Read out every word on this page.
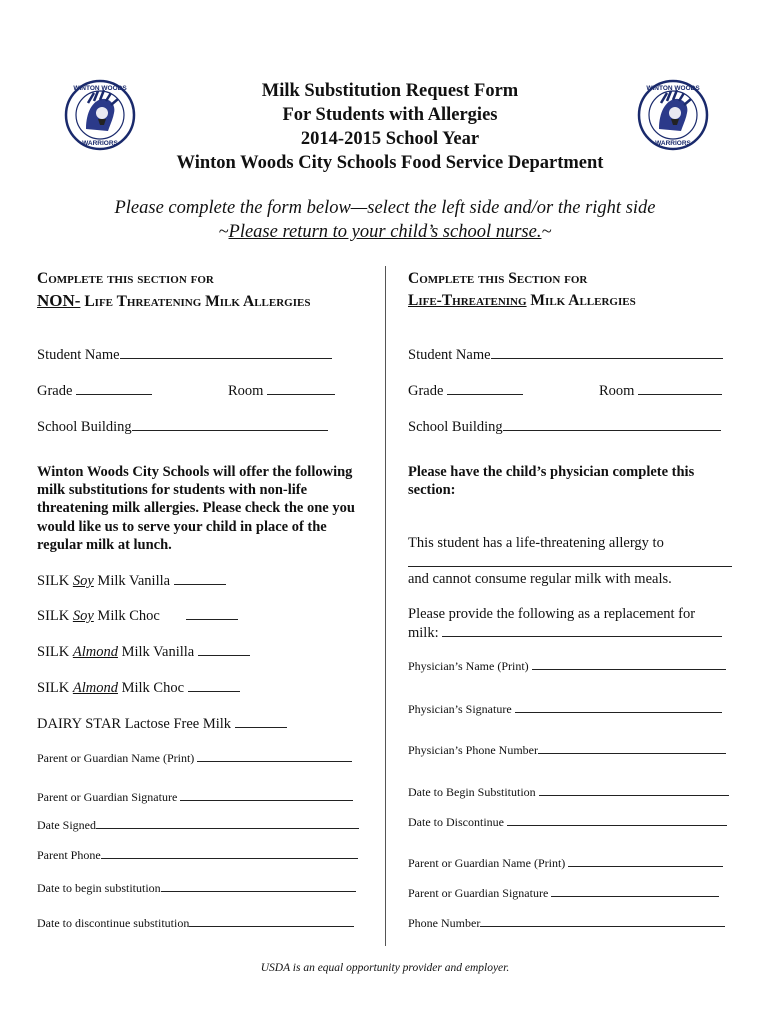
WINTON WOODS
WARRIORS
WINTON WOODS
WARRIORS
Milk Substitution Request Form
For Students with Allergies
2014-2015 School Year
Winton Woods City Schools Food Service Department
Please complete the form below—select the left side and/or the right side
~Please return to your child’s school nurse.~
Complete this section for
NON- Life Threatening Milk Allergies
Student Name
Grade	Room
School Building
Winton Woods City Schools will offer the following milk substitutions for students with non-life threatening milk allergies. Please check the one you would like us to serve your child in place of the regular milk at lunch.
SILK Soy Milk Vanilla
SILK Soy Milk Choc
SILK Almond Milk Vanilla
SILK Almond Milk Choc
DAIRY STAR Lactose Free Milk
Parent or Guardian Name (Print)
Parent or Guardian Signature
Date Signed
Parent Phone
Date to begin substitution
Date to discontinue substitution
Complete this Section for
Life-Threatening Milk Allergies
Student Name
Grade	Room
School Building
Please have the child’s physician complete this section:
This student has a life-threatening allergy to
and cannot consume regular milk with meals.
Please provide the following as a replacement for
milk:
Physician’s Name (Print)
Physician’s Signature
Physician’s Phone Number
Date to Begin Substitution
Date to Discontinue
Parent or Guardian Name (Print)
Parent or Guardian Signature
Phone Number
USDA is an equal opportunity provider and employer.
